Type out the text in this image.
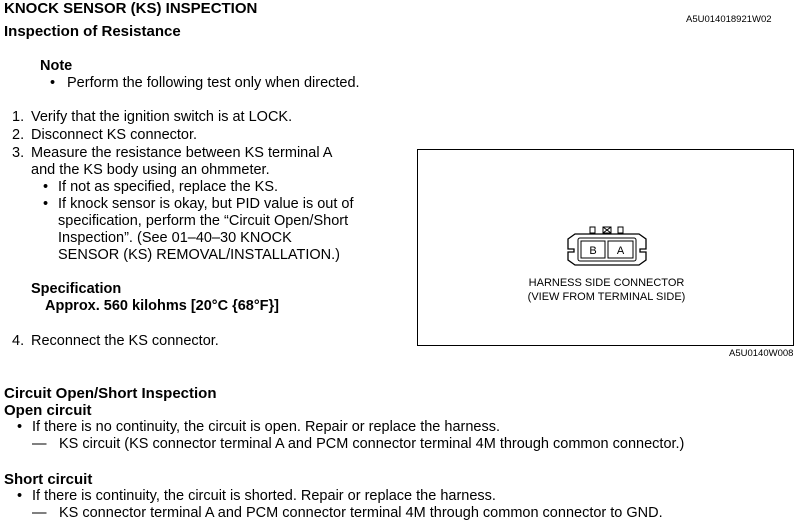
KNOCK SENSOR (KS) INSPECTION
A5U014018921W02
Inspection of Resistance
Note
• Perform the following test only when directed.
1. Verify that the ignition switch is at LOCK.
2. Disconnect KS connector.
3. Measure the resistance between KS terminal A
and the KS body using an ohmmeter.
• If not as specified, replace the KS.
• If knock sensor is okay, but PID value is out of
specification, perform the “Circuit Open/Short
Inspection”. (See 01–40–30 KNOCK
SENSOR (KS) REMOVAL/INSTALLATION.)
Specification
Approx. 560 kilohms [20°C {68°F}]
4. Reconnect the KS connector.
B A
HARNESS SIDE CONNECTOR
(VIEW FROM TERMINAL SIDE)
A5U0140W008
Circuit Open/Short Inspection
Open circuit
• If there is no continuity, the circuit is open. Repair or replace the harness.
— KS circuit (KS connector terminal A and PCM connector terminal 4M through common connector.)
Short circuit
• If there is continuity, the circuit is shorted. Repair or replace the harness.
— KS connector terminal A and PCM connector terminal 4M through common connector to GND.
